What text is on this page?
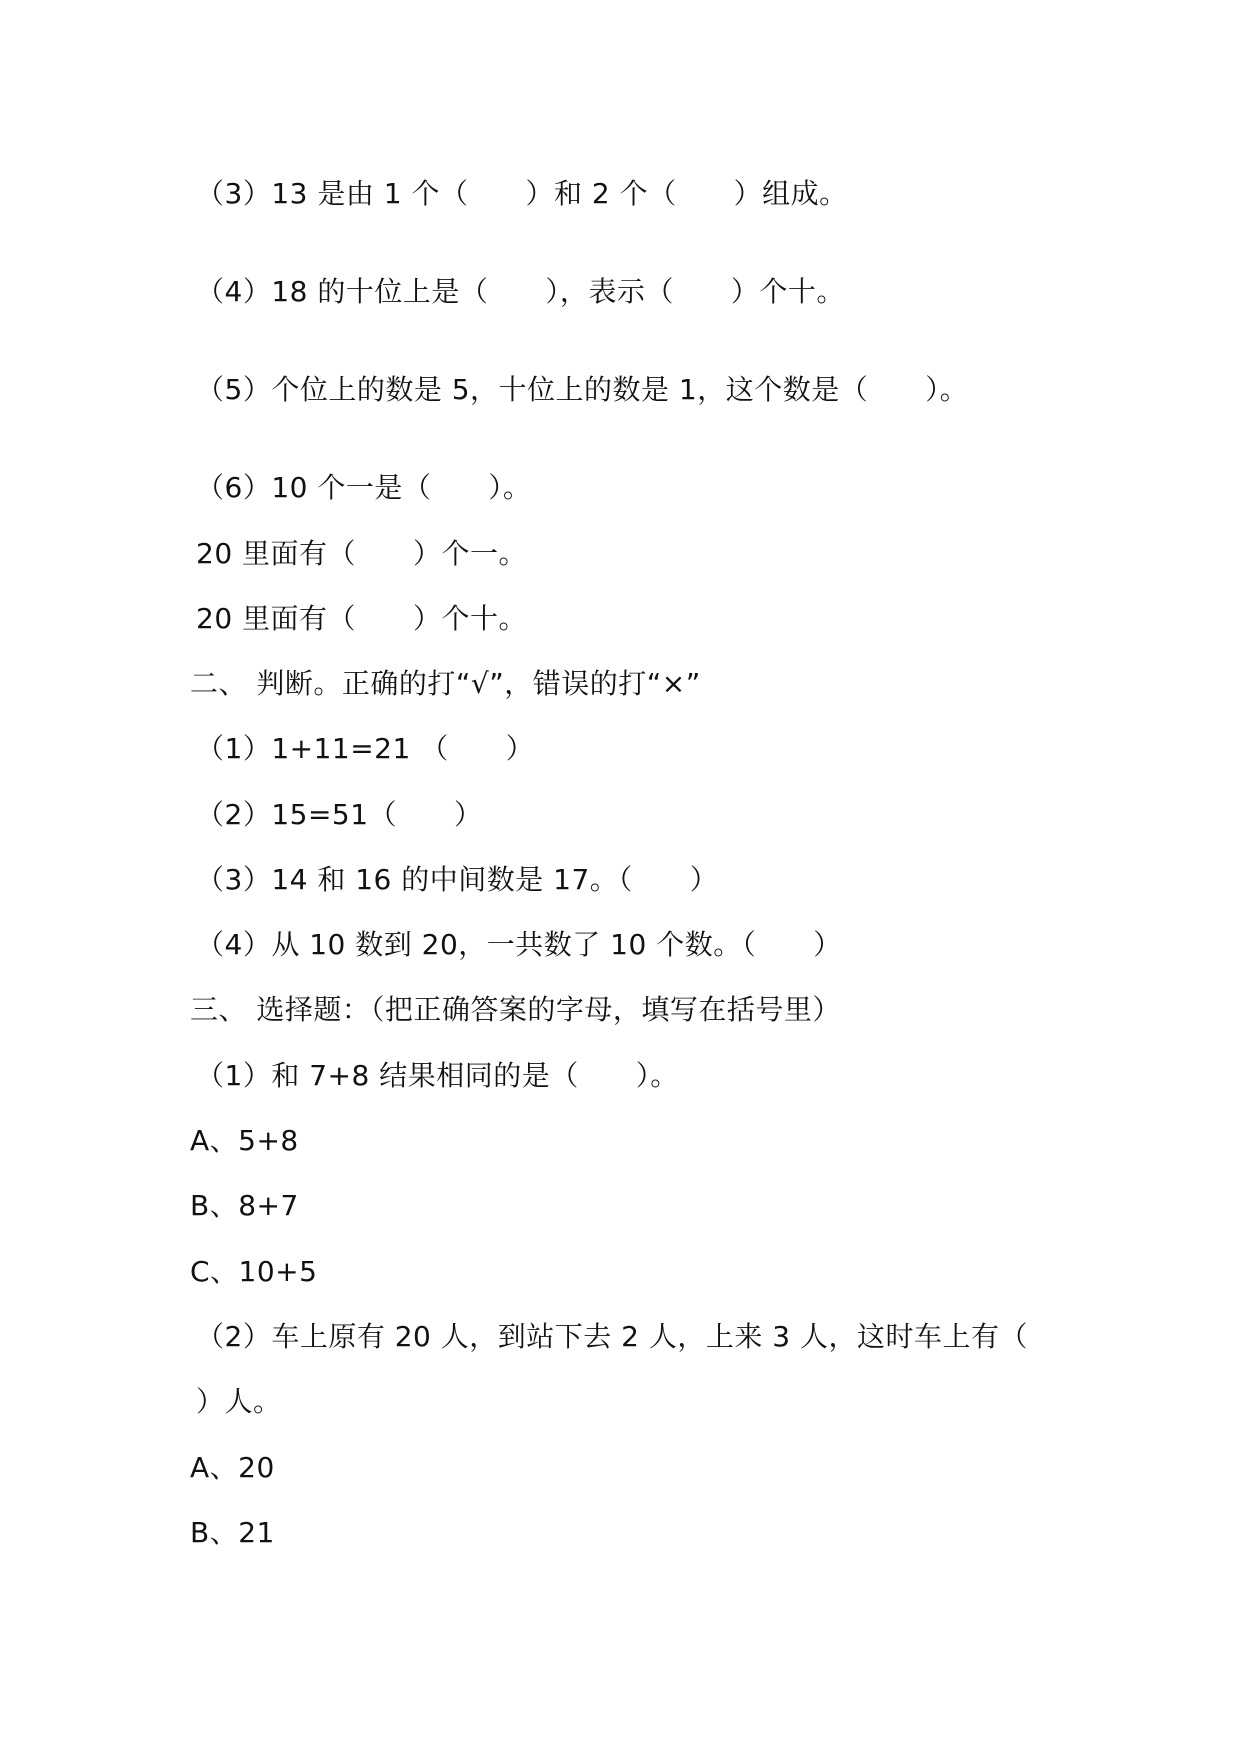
（3）13 是由 1 个（　　）和 2 个（　　）组成。
（4）18 的十位上是（　　），表示（　　）个十。
（5）个位上的数是 5，十位上的数是 1，这个数是（　　）。
（6）10 个一是（　　）。
20 里面有（　　）个一。
20 里面有（　　）个十。
二、 判断。正确的打“√”，错误的打“×”
（1）1+11=21 （　　）
（2）15=51（　　）
（3）14 和 16 的中间数是 17。（　　）
（4）从 10 数到 20，一共数了 10 个数。（　　）
三、 选择题：（把正确答案的字母，填写在括号里）
（1）和 7+8 结果相同的是（　　）。
A、5+8
B、8+7
C、10+5
（2）车上原有 20 人，到站下去 2 人，上来 3 人，这时车上有（
）人。
A、20
B、21
